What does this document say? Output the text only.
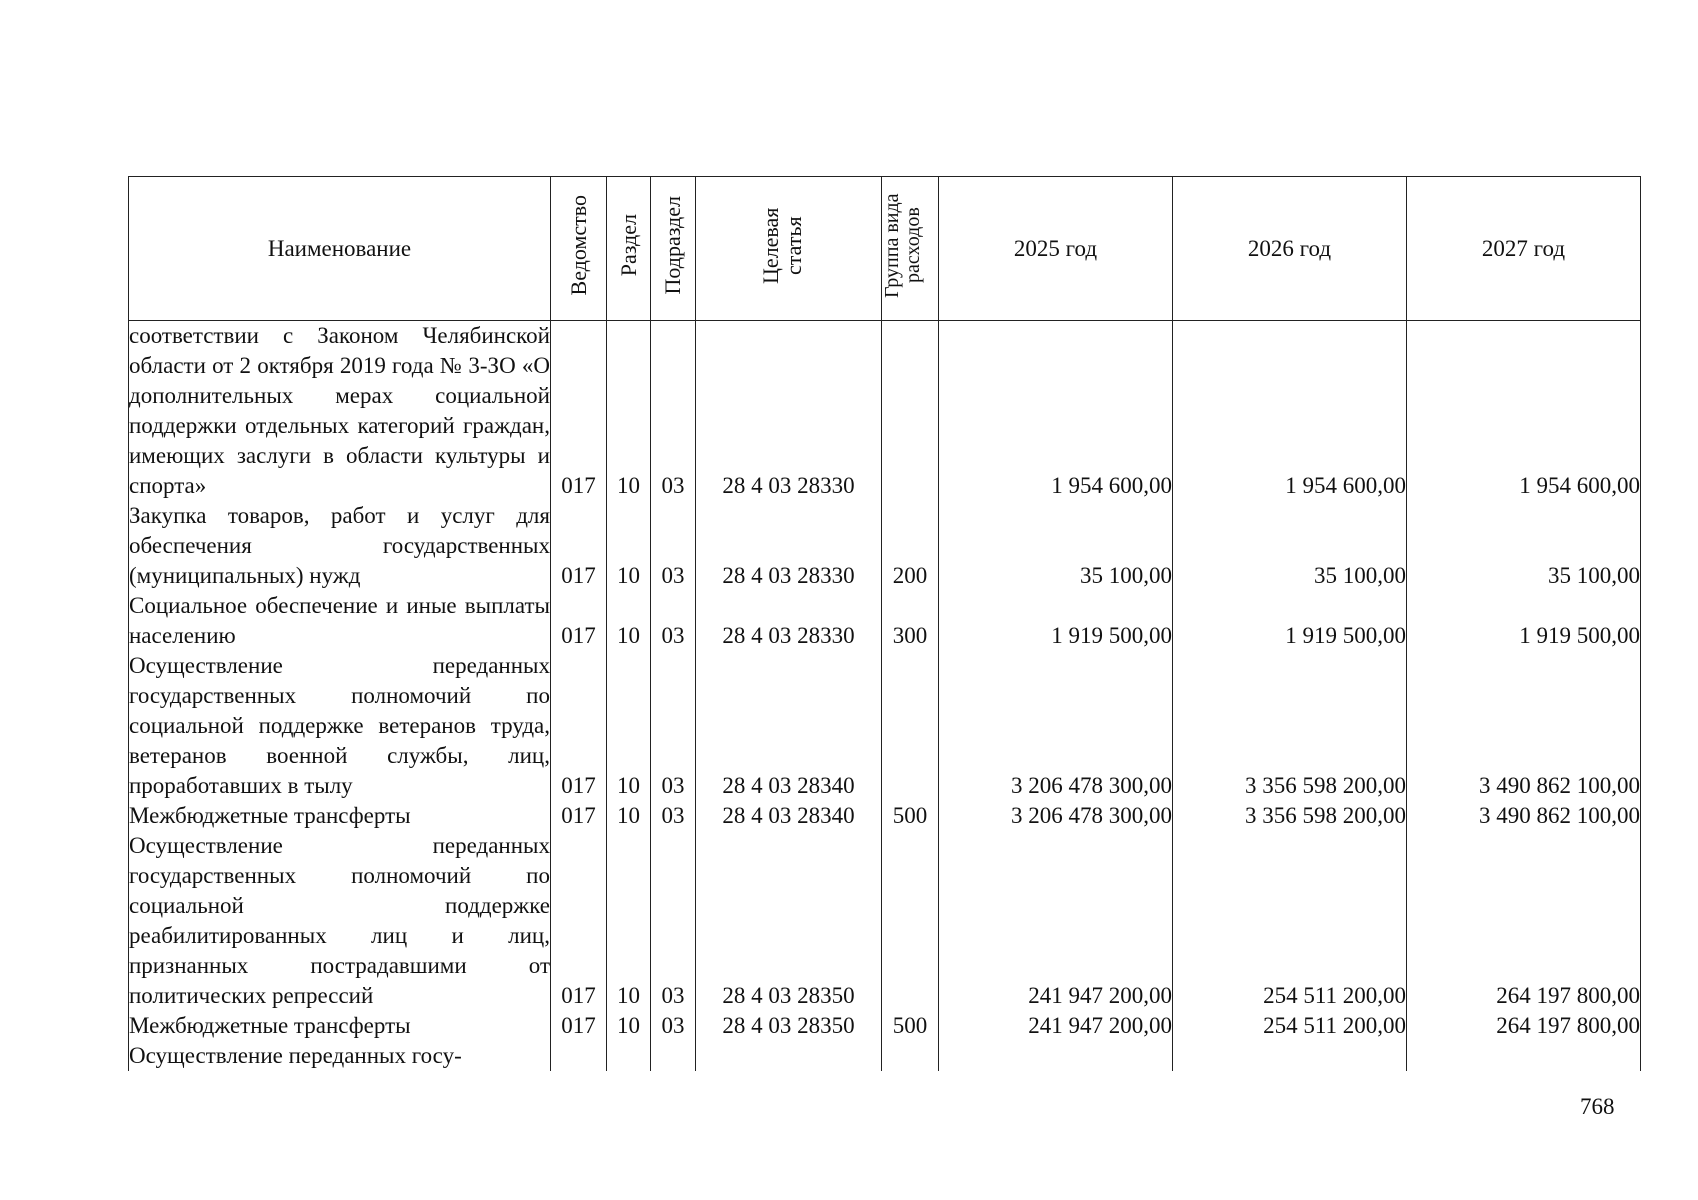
Наименование	Ведомство	Раздел	Подраздел	Целевая статья	Группа вида расходов	2025 год	2026 год	2027 год
соответствии с Законом Челябинской области от 2 октября 2019 года № 3-ЗО «О дополнительных мерах социальной поддержки отдельных категорий граждан, имеющих заслуги в области культуры и спорта»	017	10	03	28 4 03 28330		1 954 600,00	1 954 600,00	1 954 600,00
Закупка товаров, работ и услуг для обеспечения государственных (муниципальных) нужд	017	10	03	28 4 03 28330	200	35 100,00	35 100,00	35 100,00
Социальное обеспечение и иные выплаты населению	017	10	03	28 4 03 28330	300	1 919 500,00	1 919 500,00	1 919 500,00
Осуществление переданных государственных полномочий по социальной поддержке ветеранов труда, ветеранов военной службы, лиц, проработавших в тылу	017	10	03	28 4 03 28340		3 206 478 300,00	3 356 598 200,00	3 490 862 100,00
Межбюджетные трансферты	017	10	03	28 4 03 28340	500	3 206 478 300,00	3 356 598 200,00	3 490 862 100,00
Осуществление переданных государственных полномочий по социальной поддержке реабилитированных лиц и лиц, признанных пострадавшими от политических репрессий	017	10	03	28 4 03 28350		241 947 200,00	254 511 200,00	264 197 800,00
Межбюджетные трансферты	017	10	03	28 4 03 28350	500	241 947 200,00	254 511 200,00	264 197 800,00
Осуществление переданных госу-								
768
